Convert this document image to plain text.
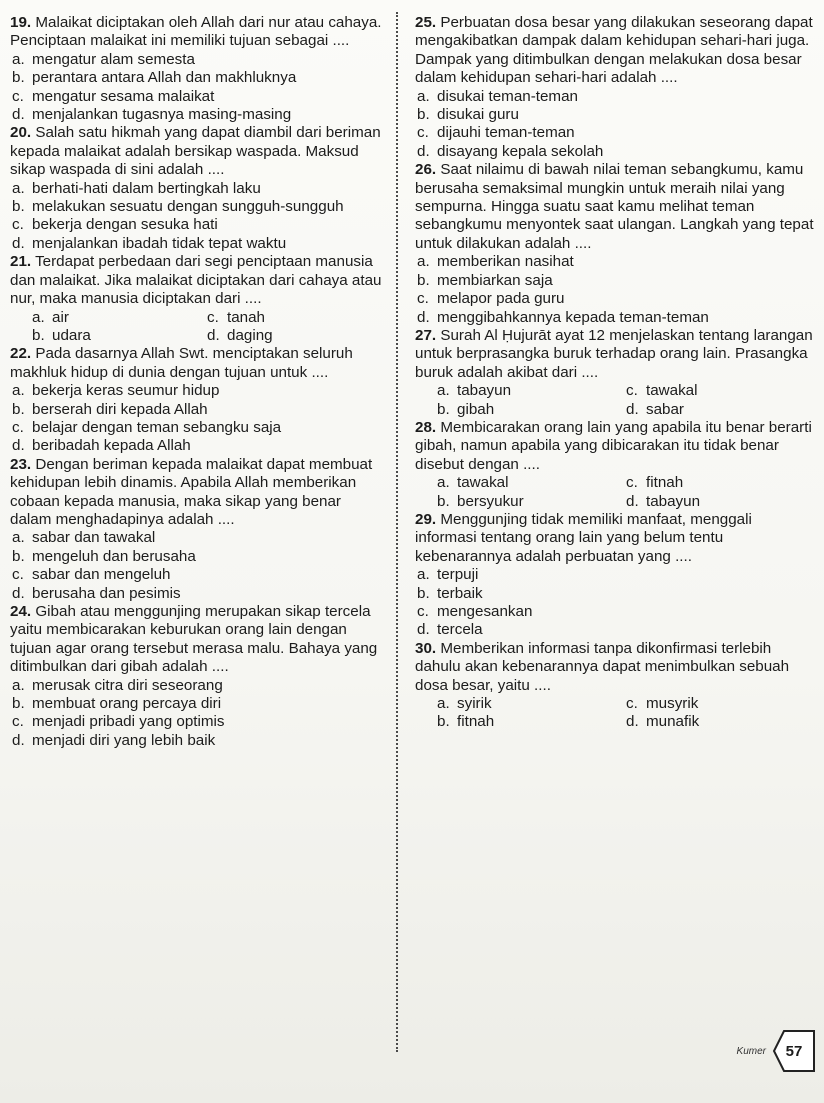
19. Malaikat diciptakan oleh Allah dari nur atau cahaya. Penciptaan malaikat ini memiliki tujuan sebagai ....
a. mengatur alam semesta
b. perantara antara Allah dan makhluknya
c. mengatur sesama malaikat
d. menjalankan tugasnya masing-masing
20. Salah satu hikmah yang dapat diambil dari beriman kepada malaikat adalah bersikap waspada. Maksud sikap waspada di sini adalah ....
a. berhati-hati dalam bertingkah laku
b. melakukan sesuatu dengan sungguh-sungguh
c. bekerja dengan sesuka hati
d. menjalankan ibadah tidak tepat waktu
21. Terdapat perbedaan dari segi penciptaan manusia dan malaikat. Jika malaikat diciptakan dari cahaya atau nur, maka manusia diciptakan dari ....
a. air	c. tanah
b. udara	d. daging
22. Pada dasarnya Allah Swt. menciptakan seluruh makhluk hidup di dunia dengan tujuan untuk ....
a. bekerja keras seumur hidup
b. berserah diri kepada Allah
c. belajar dengan teman sebangku saja
d. beribadah kepada Allah
23. Dengan beriman kepada malaikat dapat membuat kehidupan lebih dinamis. Apabila Allah memberikan cobaan kepada manusia, maka sikap yang benar dalam menghadapinya adalah ....
a. sabar dan tawakal
b. mengeluh dan berusaha
c. sabar dan mengeluh
d. berusaha dan pesimis
24. Gibah atau menggunjing merupakan sikap tercela yaitu membicarakan keburukan orang lain dengan tujuan agar orang tersebut merasa malu. Bahaya yang ditimbulkan dari gibah adalah ....
a. merusak citra diri seseorang
b. membuat orang percaya diri
c. menjadi pribadi yang optimis
d. menjadi diri yang lebih baik
25. Perbuatan dosa besar yang dilakukan seseorang dapat mengakibatkan dampak dalam kehidupan sehari-hari juga. Dampak yang ditimbulkan dengan melakukan dosa besar dalam kehidupan sehari-hari adalah ....
a. disukai teman-teman
b. disukai guru
c. dijauhi teman-teman
d. disayang kepala sekolah
26. Saat nilaimu di bawah nilai teman sebangkumu, kamu berusaha semaksimal mungkin untuk meraih nilai yang sempurna. Hingga suatu saat kamu melihat teman sebangkumu menyontek saat ulangan. Langkah yang tepat untuk dilakukan adalah ....
a. memberikan nasihat
b. membiarkan saja
c. melapor pada guru
d. menggibahkannya kepada teman-teman
27. Surah Al Ḥujurāt ayat 12 menjelaskan tentang larangan untuk berprasangka buruk terhadap orang lain. Prasangka buruk adalah akibat dari ....
a. tabayun	c. tawakal
b. gibah	d. sabar
28. Membicarakan orang lain yang apabila itu benar berarti gibah, namun apabila yang dibicarakan itu tidak benar disebut dengan ....
a. tawakal	c. fitnah
b. bersyukur	d. tabayun
29. Menggunjing tidak memiliki manfaat, menggali informasi tentang orang lain yang belum tentu kebenarannya adalah perbuatan yang ....
a. terpuji
b. terbaik
c. mengesankan
d. tercela
30. Memberikan informasi tanpa dikonfirmasi terlebih dahulu akan kebenarannya dapat menimbulkan sebuah dosa besar, yaitu ....
a. syirik	c. musyrik
b. fitnah	d. munafik
Kumer	57
